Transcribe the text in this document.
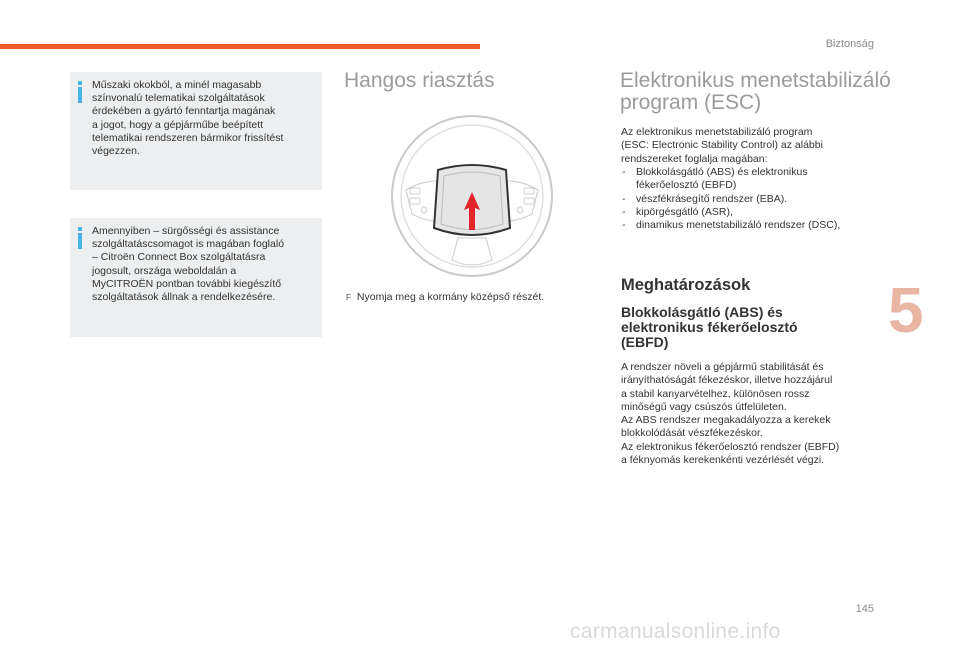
Biztonság

Műszaki okokból, a minél magasabb
színvonalú telematikai szolgáltatások
érdekében a gyártó fenntartja magának
a jogot, hogy a gépjárműbe beépített
telematikai rendszeren bármikor frissítést
végezzen.

Amennyiben – sürgősségi és assistance
szolgáltatáscsomagot is magában foglaló
– Citroën Connect Box szolgáltatásra
jogosult, országa weboldalán a
MyCITROËN pontban további kiegészítő
szolgáltatások állnak a rendelkezésére.

Hangos riasztás
F Nyomja meg a kormány középső részét.
Elektronikus menetstabilizáló
program (ESC)

Az elektronikus menetstabilizáló program
(ESC: Electronic Stability Control) az alábbi
rendszereket foglalja magában:

- Blokkolásgátló (ABS) és elektronikus
fékerőelosztó (EBFD)
- vészfékrásegítő rendszer (EBA).
- kipörgésgátló (ASR),
- dinamikus menetstabilizáló rendszer (DSC),
Meghatározások
Blokkolásgátló (ABS) és
elektronikus fékerőelosztó
(EBFD)

A rendszer növeli a gépjármű stabilitását és
irányíthatóságát fékezéskor, illetve hozzájárul
a stabil kanyarvételhez, különösen rossz
minőségű vagy csúszós útfelületen.
Az ABS rendszer megakadályozza a kerekek
blokkolódását vészfékezéskor.
Az elektronikus fékerőelosztó rendszer (EBFD)
a féknyomás kerekenkénti vezérlését végzi.

5
145
carmanualsonline.info
